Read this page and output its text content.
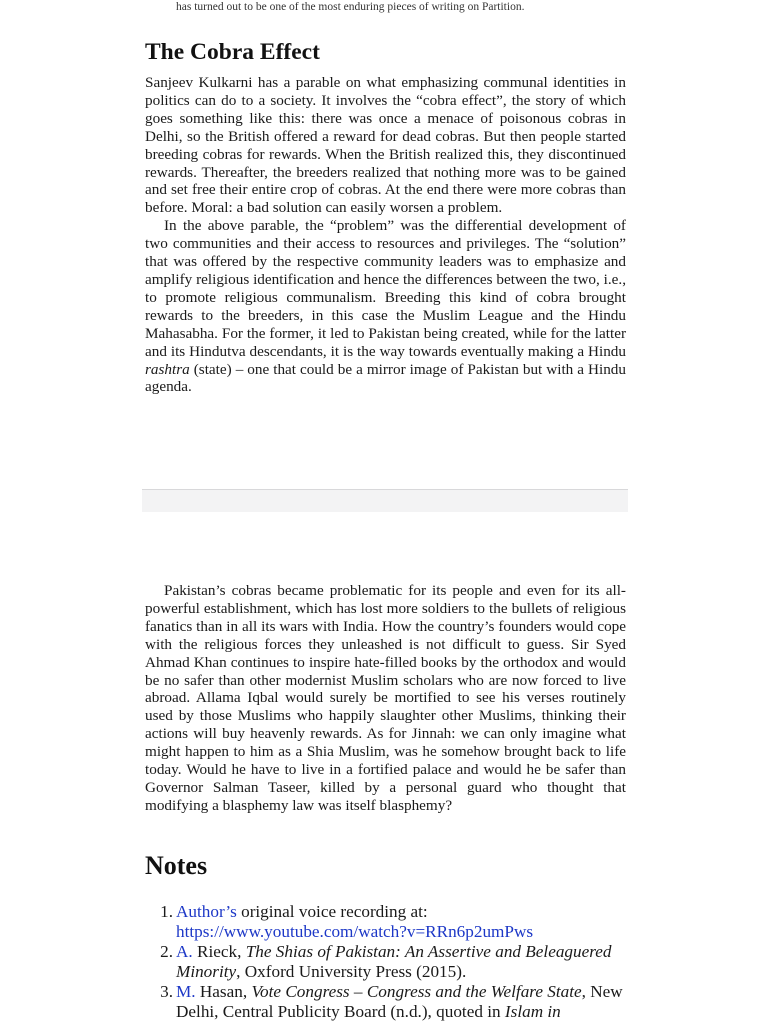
has turned out to be one of the most enduring pieces of writing on Partition.
The Cobra Effect

Sanjeev Kulkarni has a parable on what emphasizing communal identities in politics can do to a society. It involves the “cobra effect”, the story of which goes something like this: there was once a menace of poisonous cobras in Delhi, so the British offered a reward for dead cobras. But then people started breeding cobras for rewards. When the British realized this, they discontinued rewards. Thereafter, the breeders realized that nothing more was to be gained and set free their entire crop of cobras. At the end there were more cobras than before. Moral: a bad solution can easily worsen a problem.

In the above parable, the “problem” was the differential development of two communities and their access to resources and privileges. The “solution” that was offered by the respective community leaders was to emphasize and amplify religious identification and hence the differences between the two, i.e., to promote religious communalism. Breeding this kind of cobra brought rewards to the breeders, in this case the Muslim League and the Hindu Mahasabha. For the former, it led to Pakistan being created, while for the latter and its Hindutva descendants, it is the way towards eventually making a Hindu rashtra (state) – one that could be a mirror image of Pakistan but with a Hindu agenda.

Pakistan’s cobras became problematic for its people and even for its all-powerful establishment, which has lost more soldiers to the bullets of religious fanatics than in all its wars with India. How the country’s founders would cope with the religious forces they unleashed is not difficult to guess. Sir Syed Ahmad Khan continues to inspire hate-filled books by the orthodox and would be no safer than other modernist Muslim scholars who are now forced to live abroad. Allama Iqbal would surely be mortified to see his verses routinely used by those Muslims who happily slaughter other Muslims, thinking their actions will buy heavenly rewards. As for Jinnah: we can only imagine what might happen to him as a Shia Muslim, was he somehow brought back to life today. Would he have to live in a fortified palace and would he be safer than Governor Salman Taseer, killed by a personal guard who thought that modifying a blasphemy law was itself blasphemy?

Notes
1. Author’s original voice recording at:
https://www.youtube.com/watch?v=RRn6p2umPws
2. A. Rieck, The Shias of Pakistan: An Assertive and Beleaguered Minority, Oxford University Press (2015).
3. M. Hasan, Vote Congress – Congress and the Welfare State, New Delhi, Central Publicity Board (n.d.), quoted in Islam in
